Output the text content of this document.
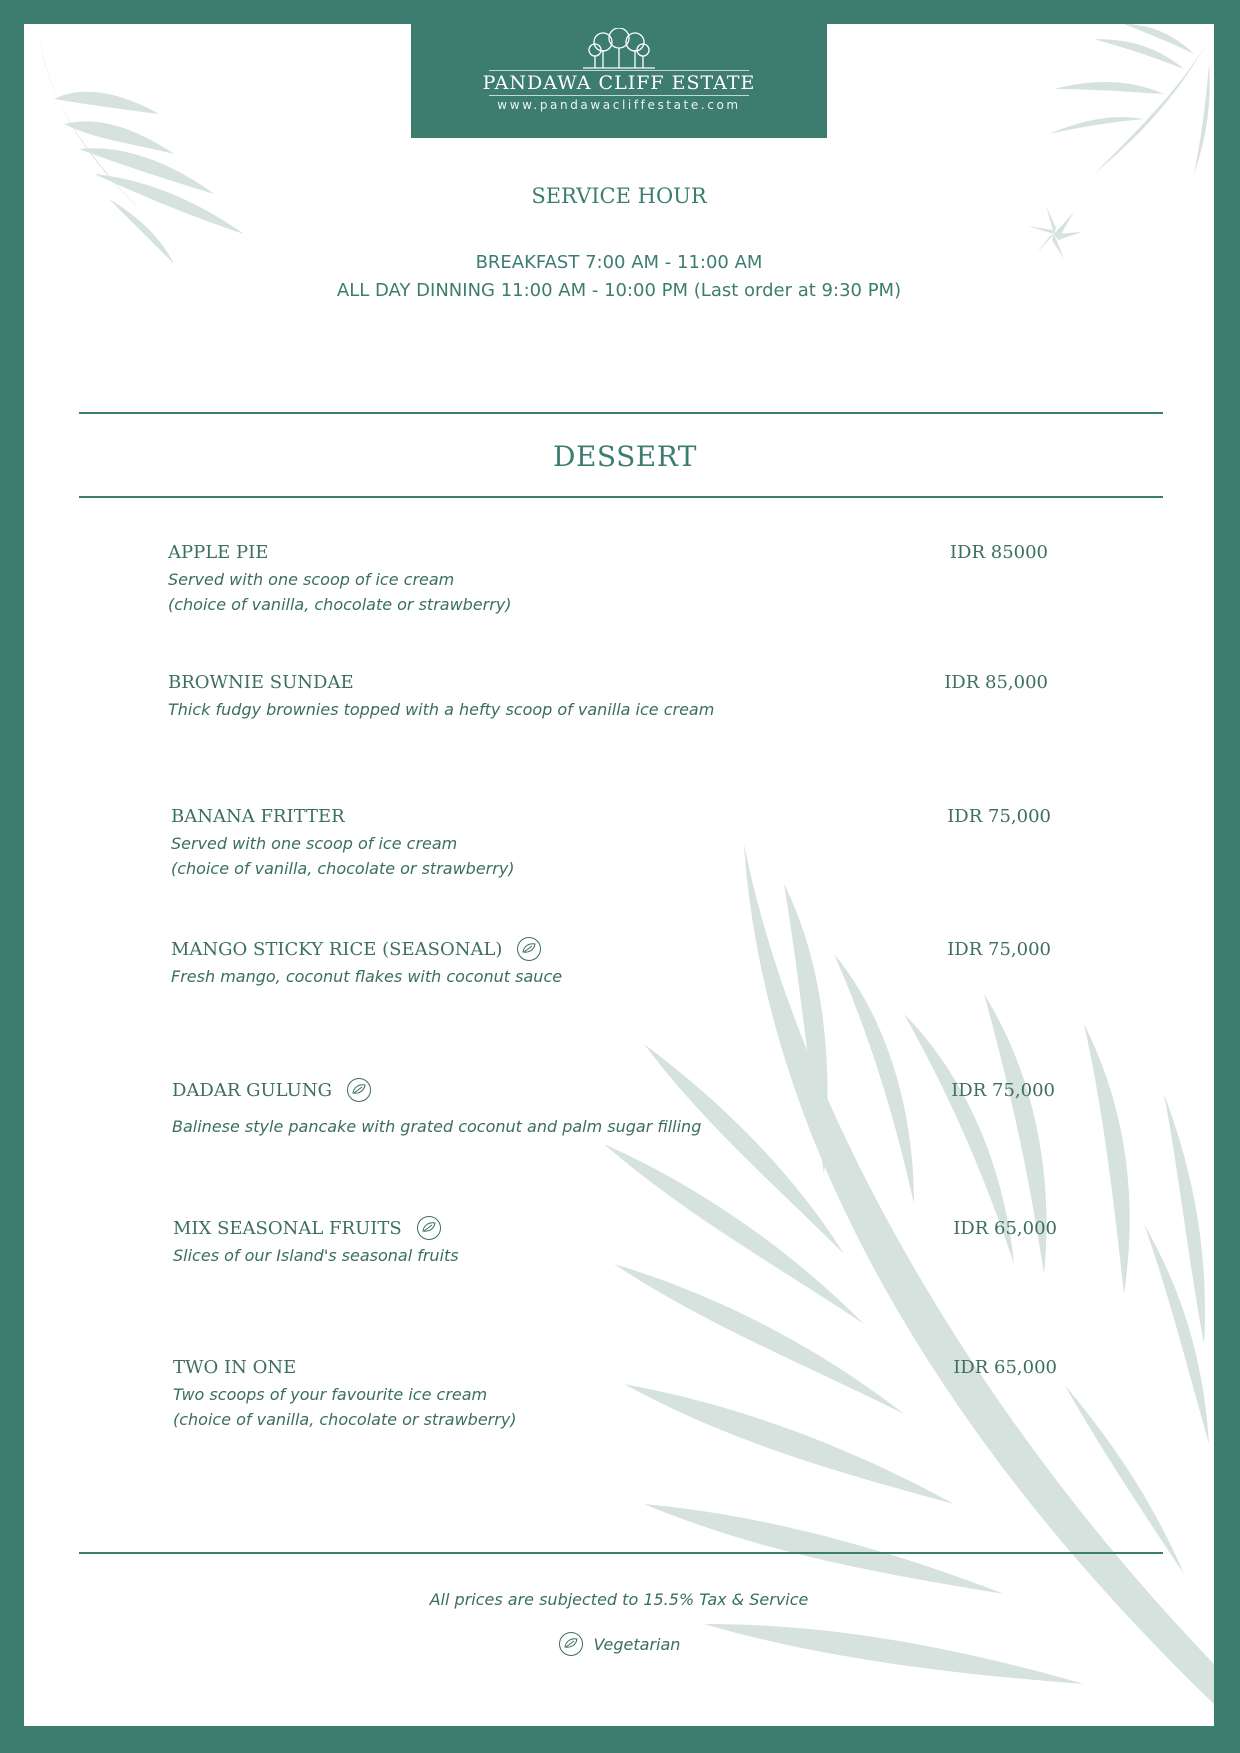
PANDAWA CLIFF ESTATE
www.pandawacliffestate.com
SERVICE HOUR
BREAKFAST 7:00 AM - 11:00 AM
ALL DAY DINNING 11:00 AM - 10:00 PM (Last order at 9:30 PM)
DESSERT
APPLE PIE
Served with one scoop of ice cream
(choice of vanilla, chocolate or strawberry)
IDR 85000
BROWNIE SUNDAE
Thick fudgy brownies topped with a hefty scoop of vanilla ice cream
IDR 85,000
BANANA FRITTER
Served with one scoop of ice cream
(choice of vanilla, chocolate or strawberry)
IDR 75,000
MANGO STICKY RICE (SEASONAL)
Fresh mango, coconut flakes with coconut sauce
IDR 75,000
DADAR GULUNG
Balinese style pancake with grated coconut and palm sugar filling
IDR 75,000
MIX SEASONAL FRUITS
Slices of our Island's seasonal fruits
IDR 65,000
TWO IN ONE
Two scoops of your favourite ice cream
(choice of vanilla, chocolate or strawberry)
IDR 65,000
All prices are subjected to 15.5% Tax & Service
Vegetarian
